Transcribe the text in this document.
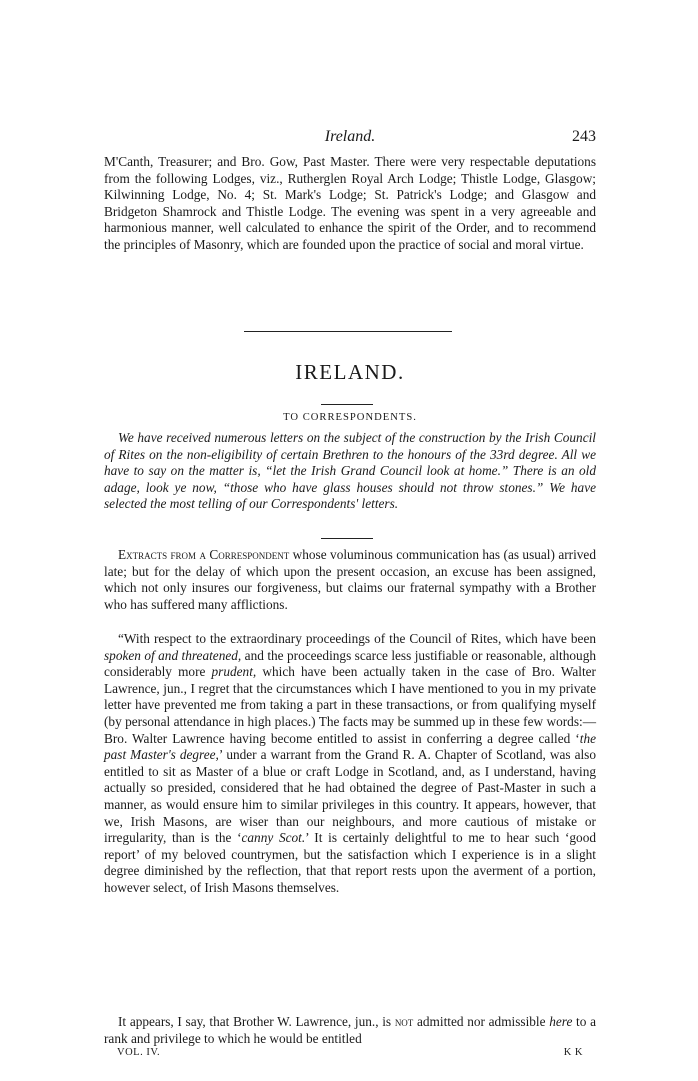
Ireland.	243

M'Canth, Treasurer; and Bro. Gow, Past Master. There were very respectable deputations from the following Lodges, viz., Rutherglen Royal Arch Lodge; Thistle Lodge, Glasgow; Kilwinning Lodge, No. 4; St. Mark's Lodge; St. Patrick's Lodge; and Glasgow and Bridgeton Shamrock and Thistle Lodge. The evening was spent in a very agreeable and harmonious manner, well calculated to enhance the spirit of the Order, and to recommend the principles of Masonry, which are founded upon the practice of social and moral virtue.

IRELAND.
TO CORRESPONDENTS.

We have received numerous letters on the subject of the construction by the Irish Council of Rites on the non-eligibility of certain Brethren to the honours of the 33rd degree. All we have to say on the matter is, “let the Irish Grand Council look at home.” There is an old adage, look ye now, “those who have glass houses should not throw stones.” We have selected the most telling of our Correspondents' letters.

Extracts from a Correspondent whose voluminous communication has (as usual) arrived late; but for the delay of which upon the present occasion, an excuse has been assigned, which not only insures our forgiveness, but claims our fraternal sympathy with a Brother who has suffered many afflictions.

“With respect to the extraordinary proceedings of the Council of Rites, which have been spoken of and threatened, and the proceedings scarce less justifiable or reasonable, although considerably more prudent, which have been actually taken in the case of Bro. Walter Lawrence, jun., I regret that the circumstances which I have mentioned to you in my private letter have prevented me from taking a part in these transactions, or from qualifying myself (by personal attendance in high places.) The facts may be summed up in these few words:—Bro. Walter Lawrence having become entitled to assist in conferring a degree called ‘the past Master's degree,’ under a warrant from the Grand R. A. Chapter of Scotland, was also entitled to sit as Master of a blue or craft Lodge in Scotland, and, as I understand, having actually so presided, considered that he had obtained the degree of Past-Master in such a manner, as would ensure him to similar privileges in this country. It appears, however, that we, Irish Masons, are wiser than our neighbours, and more cautious of mistake or irregularity, than is the ‘canny Scot.’ It is certainly delightful to me to hear such ‘good report’ of my beloved countrymen, but the satisfaction which I experience is in a slight degree diminished by the reflection, that that report rests upon the averment of a portion, however select, of Irish Masons themselves.

It appears, I say, that Brother W. Lawrence, jun., is not admitted nor admissible here to a rank and privilege to which he would be entitled

VOL. IV.	K K
